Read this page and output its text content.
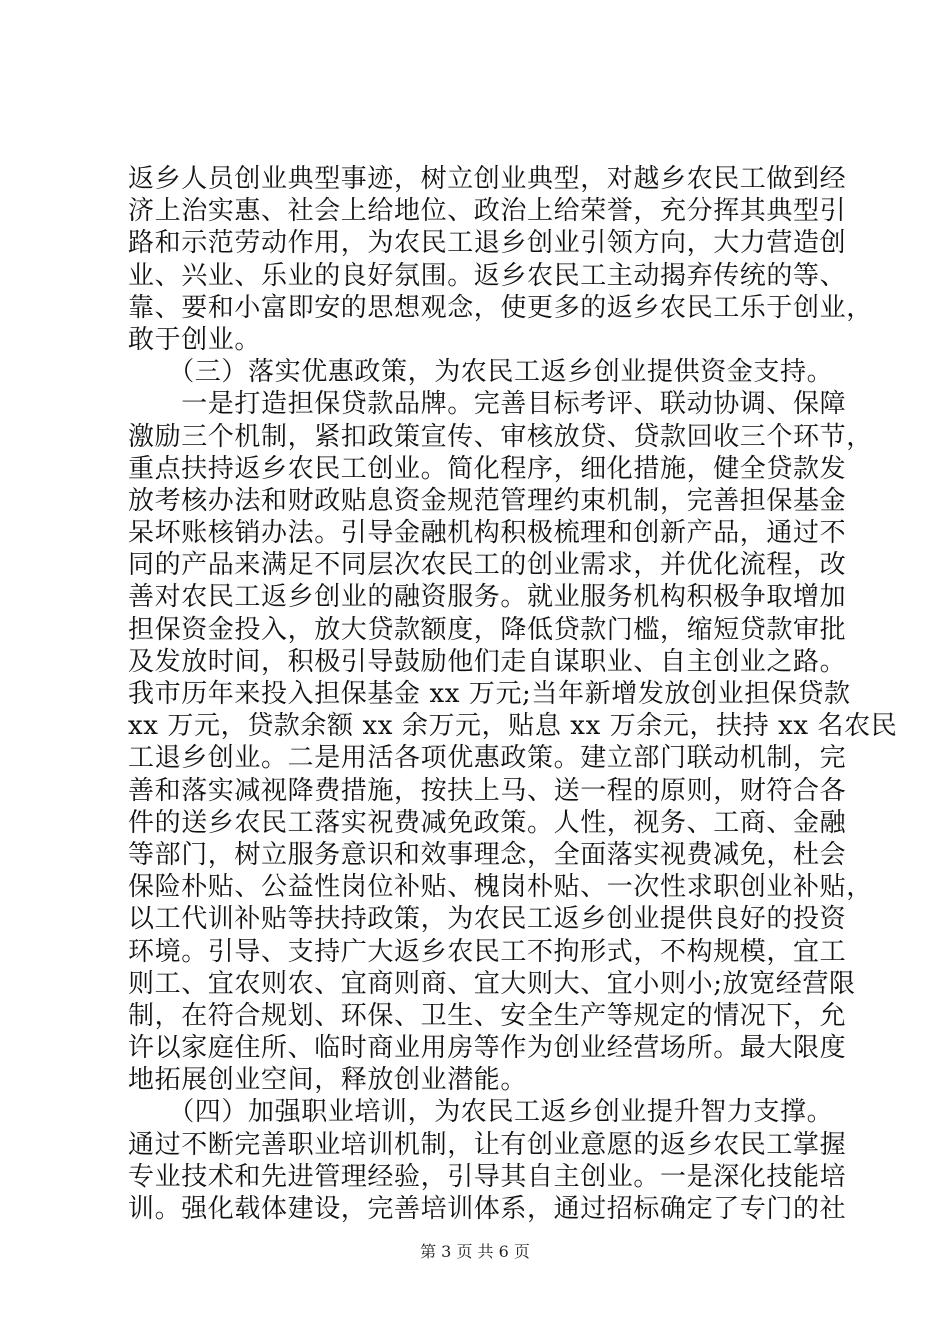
返乡人员创业典型事迹，树立创业典型，对越乡农民工做到经
济上治实惠、社会上给地位、政治上给荣誉，充分挥其典型引
路和示范劳动作用，为农民工退乡创业引领方向，大力营造创
业、兴业、乐业的良好氛围。返乡农民工主动揭弃传统的等、
靠、要和小富即安的思想观念，使更多的返乡农民工乐于创业，
敢于创业。
　　（三）落实优惠政策，为农民工返乡创业提供资金支持。
　　一是打造担保贷款品牌。完善目标考评、联动协调、保障
激励三个机制，紧扣政策宣传、审核放贷、贷款回收三个环节，
重点扶持返乡农民工创业。简化程序，细化措施，健全贷款发
放考核办法和财政贴息资金规范管理约束机制，完善担保基金
呆坏账核销办法。引导金融机构积极梳理和创新产品，通过不
同的产品来满足不同层次农民工的创业需求，并优化流程，改
善对农民工返乡创业的融资服务。就业服务机构积极争取增加
担保资金投入，放大贷款额度，降低贷款门槛，缩短贷款审批
及发放时间，积极引导鼓励他们走自谋职业、自主创业之路。
我市历年来投入担保基金 xx 万元;当年新增发放创业担保贷款
xx 万元，贷款余额 xx 余万元，贴息 xx 万余元，扶持 xx 名农民
工退乡创业。二是用活各项优惠政策。建立部门联动机制，完
善和落实减视降费措施，按扶上马、送一程的原则，财符合各
件的送乡农民工落实祝费减免政策。人性，视务、工商、金融
等部门，树立服务意识和效事理念，全面落实视费减免，杜会
保险朴贴、公益性岗位补贴、槐岗朴贴、一次性求职创业补贴，
以工代训补贴等扶持政策，为农民工返乡创业提供良好的投资
环境。引导、支持广大返乡农民工不拘形式，不构规模，宜工
则工、宜农则农、宜商则商、宜大则大、宜小则小;放宽经营限
制，在符合规划、环保、卫生、安全生产等规定的情况下，允
许以家庭住所、临时商业用房等作为创业经营场所。最大限度
地拓展创业空间，释放创业潜能。
　　（四）加强职业培训，为农民工返乡创业提升智力支撑。
通过不断完善职业培训机制，让有创业意愿的返乡农民工掌握
专业技术和先进管理经验，引导其自主创业。一是深化技能培
训。强化载体建设，完善培训体系，通过招标确定了专门的社
第 3 页 共 6 页
